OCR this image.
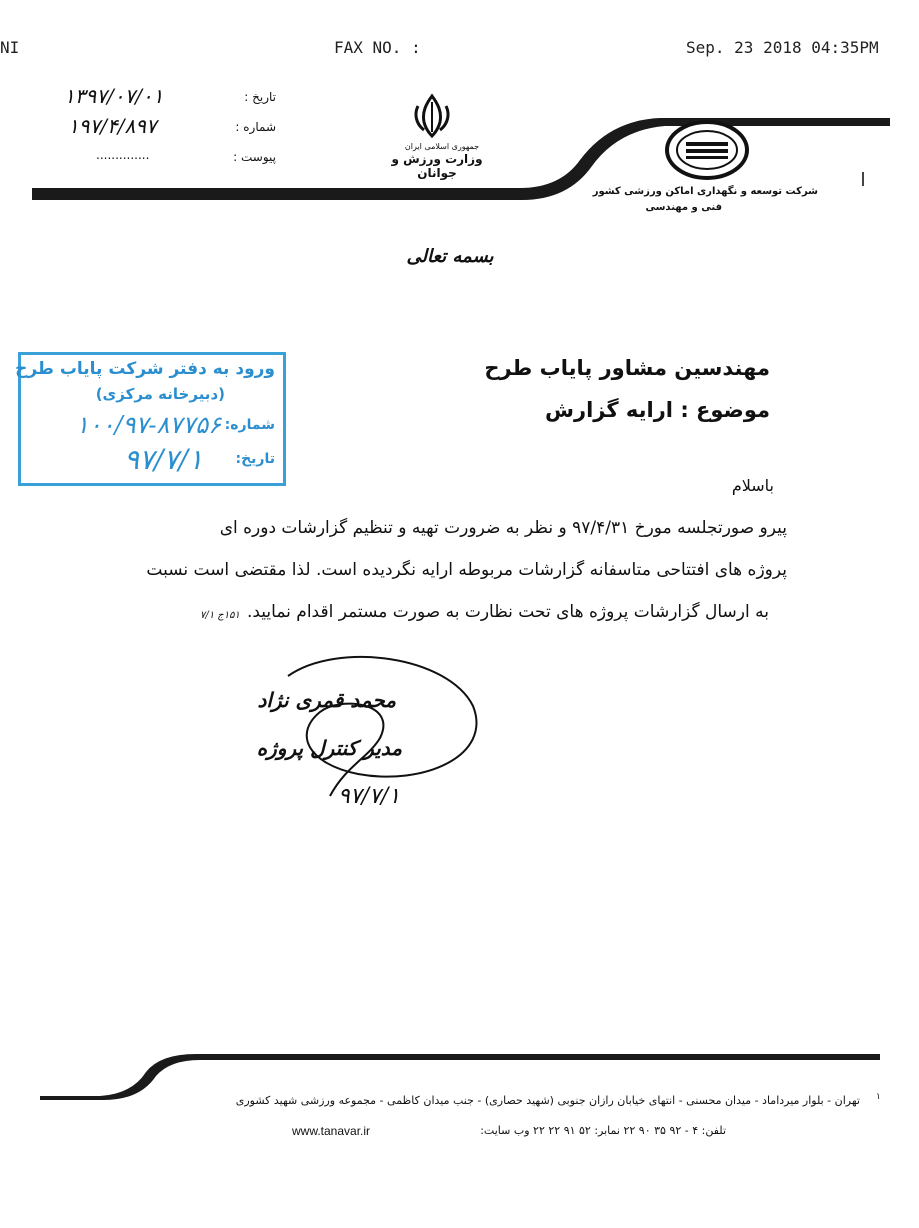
NI	FAX NO. :	Sep. 23 2018 04:35PM
تاریخ :
۱۳۹۷/۰۷/۰۱
شماره :
۱۹۷/۴/۸۹۷
پیوست :
..............
جمهوری اسلامی ایران
وزارت ورزش و جوانان
شرکت توسعه و نگهداری اماکن ورزشی کشور
فنی و مهندسی
بسمه تعالی
مهندسین مشاور پایاب طرح
موضوع : ارایه گزارش
ورود به دفتر شرکت پایاب طرح
(دبیرخانه مرکزی)
شماره:
۱۰۰/۹۷-۸۷۷۵۶
تاریخ:
۹۷/۷/۱
باسلام
پیرو صورتجلسه مورخ ۹۷/۴/۳۱ و نظر به ضرورت تهیه و تنظیم گزارشات دوره ای
پروژه های افتتاحی متاسفانه گزارشات مربوطه ارایه نگردیده است. لذا مقتضی است نسبت
به ارسال گزارشات پروژه های تحت نظارت به صورت مستمر اقدام نمایید.
۱۵۱ج ۷/۱
محمد قمری نژاد
مدیر کنترل پروژه
۹۷/۷/۱
تهران - بلوار میرداماد - میدان محسنی - انتهای خیابان رازان جنوبی (شهید حصاری) - جنب میدان کاظمی - مجموعه ورزشی شهید کشوری ۱
تلفن: ۴ - ۹۲ ۳۵ ۹۰ ۲۲ نمابر: ۵۲ ۹۱ ۲۲ ۲۲ وب سایت:
www.tanavar.ir
